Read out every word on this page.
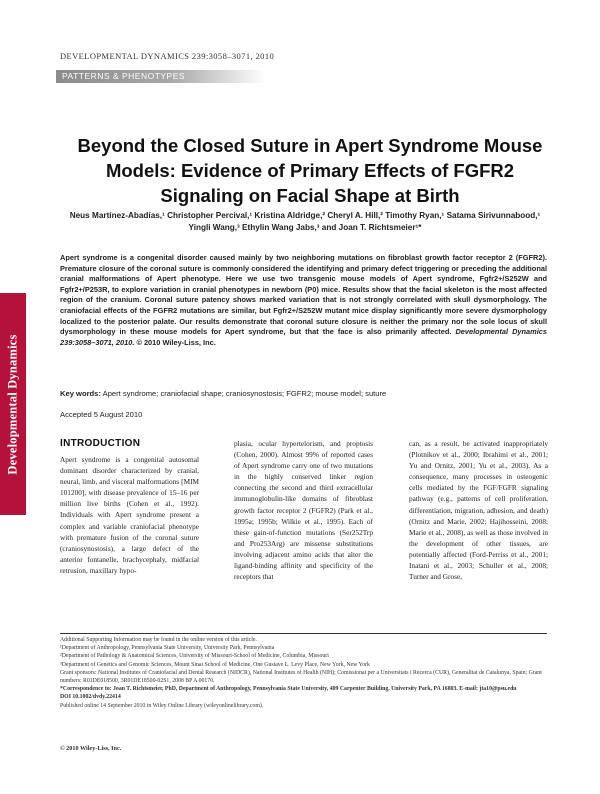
Developmental Dynamics
DEVELOPMENTAL DYNAMICS 239:3058–3071, 2010
PATTERNS & PHENOTYPES
Beyond the Closed Suture in Apert Syndrome Mouse Models: Evidence of Primary Effects of FGFR2 Signaling on Facial Shape at Birth
Neus Martínez-Abadías,¹ Christopher Percival,¹ Kristina Aldridge,² Cheryl A. Hill,² Timothy Ryan,¹ Satama Sirivunnabood,¹ Yingli Wang,³ Ethylin Wang Jabs,³ and Joan T. Richtsmeier¹*
Apert syndrome is a congenital disorder caused mainly by two neighboring mutations on fibroblast growth factor receptor 2 (FGFR2). Premature closure of the coronal suture is commonly considered the identifying and primary defect triggering or preceding the additional cranial malformations of Apert phenotype. Here we use two transgenic mouse models of Apert syndrome, Fgfr2+/S252W and Fgfr2+/P253R, to explore variation in cranial phenotypes in newborn (P0) mice. Results show that the facial skeleton is the most affected region of the cranium. Coronal suture patency shows marked variation that is not strongly correlated with skull dysmorphology. The craniofacial effects of the FGFR2 mutations are similar, but Fgfr2+/S252W mutant mice display significantly more severe dysmorphology localized to the posterior palate. Our results demonstrate that coronal suture closure is neither the primary nor the sole locus of skull dysmorphology in these mouse models for Apert syndrome, but that the face is also primarily affected. Developmental Dynamics 239:3058–3071, 2010. © 2010 Wiley-Liss, Inc.
Key words: Apert syndrome; craniofacial shape; craniosynostosis; FGFR2; mouse model; suture
Accepted 5 August 2010
INTRODUCTION
Apert syndrome is a congenital autosomal dominant disorder characterized by cranial, neural, limb, and visceral malformations [MIM 101200], with disease prevalence of 15–16 per million live births (Cohen et al., 1992). Individuals with Apert syndrome present a complex and variable craniofacial phenotype with premature fusion of the coronal suture (craniosynostosis), a large defect of the anterior fontanelle, brachycephaly, midfacial retrusion, maxillary hypo-
plasia, ocular hypertelorism, and proptosis (Cohen, 2000). Almost 99% of reported cases of Apert syndrome carry one of two mutations in the highly conserved linker region connecting the second and third extracellular immunoglobulin-like domains of fibroblast growth factor receptor 2 (FGFR2) (Park et al., 1995a; 1995b; Wilkie et al., 1995). Each of these gain-of-function mutations (Ser252Trp and Pro253Arg) are missense substitutions involving adjacent amino acids that alter the ligand-binding affinity and specificity of the receptors that
can, as a result, be activated inappropriately (Plotnikov et al., 2000; Ibrahimi et al., 2001; Yu and Ornitz, 2001; Yu et al., 2003). As a consequence, many processes in osteogenic cells mediated by the FGF/FGFR signaling pathway (e.g., patterns of cell proliferation, differentiation, migration, adhesion, and death) (Ornitz and Marie, 2002; Hajihosseini, 2008; Marie et al., 2008), as well as those involved in the development of other tissues, are potentially affected (Ford-Perriss et al., 2001; Inatani et al., 2003; Schuller et al., 2008; Turner and Grose,

Additional Supporting Information may be found in the online version of this article.

¹Department of Anthropology, Pennsylvania State University, University Park, Pennsylvania

²Department of Pathology & Anatomical Sciences, University of Missouri-School of Medicine, Columbia, Missouri

³Department of Genetics and Genomic Sciences, Mount Sinai School of Medicine, One Gustave L. Levy Place, New York, New York

Grant sponsors: National Institutes of Craniofacial and Dental Research (NIDCR), National Institutes of Health (NIH); Comissionat per a Universitats i Recerca (CUR), Generalitat de Catalunya, Spain; Grant numbers: R01DE018500, 3R01DE18500-02S1, 2008 BP A 00170.

*Correspondence to: Joan T. Richtsmeier, PhD, Department of Anthropology, Pennsylvania State University, 409 Carpenter Building, University Park, PA 16803. E-mail: jta10@psu.edu

DOI 10.1002/dvdy.22414

Published online 14 September 2010 in Wiley Online Library (wileyonlinelibrary.com).

© 2010 Wiley-Liss, Inc.
